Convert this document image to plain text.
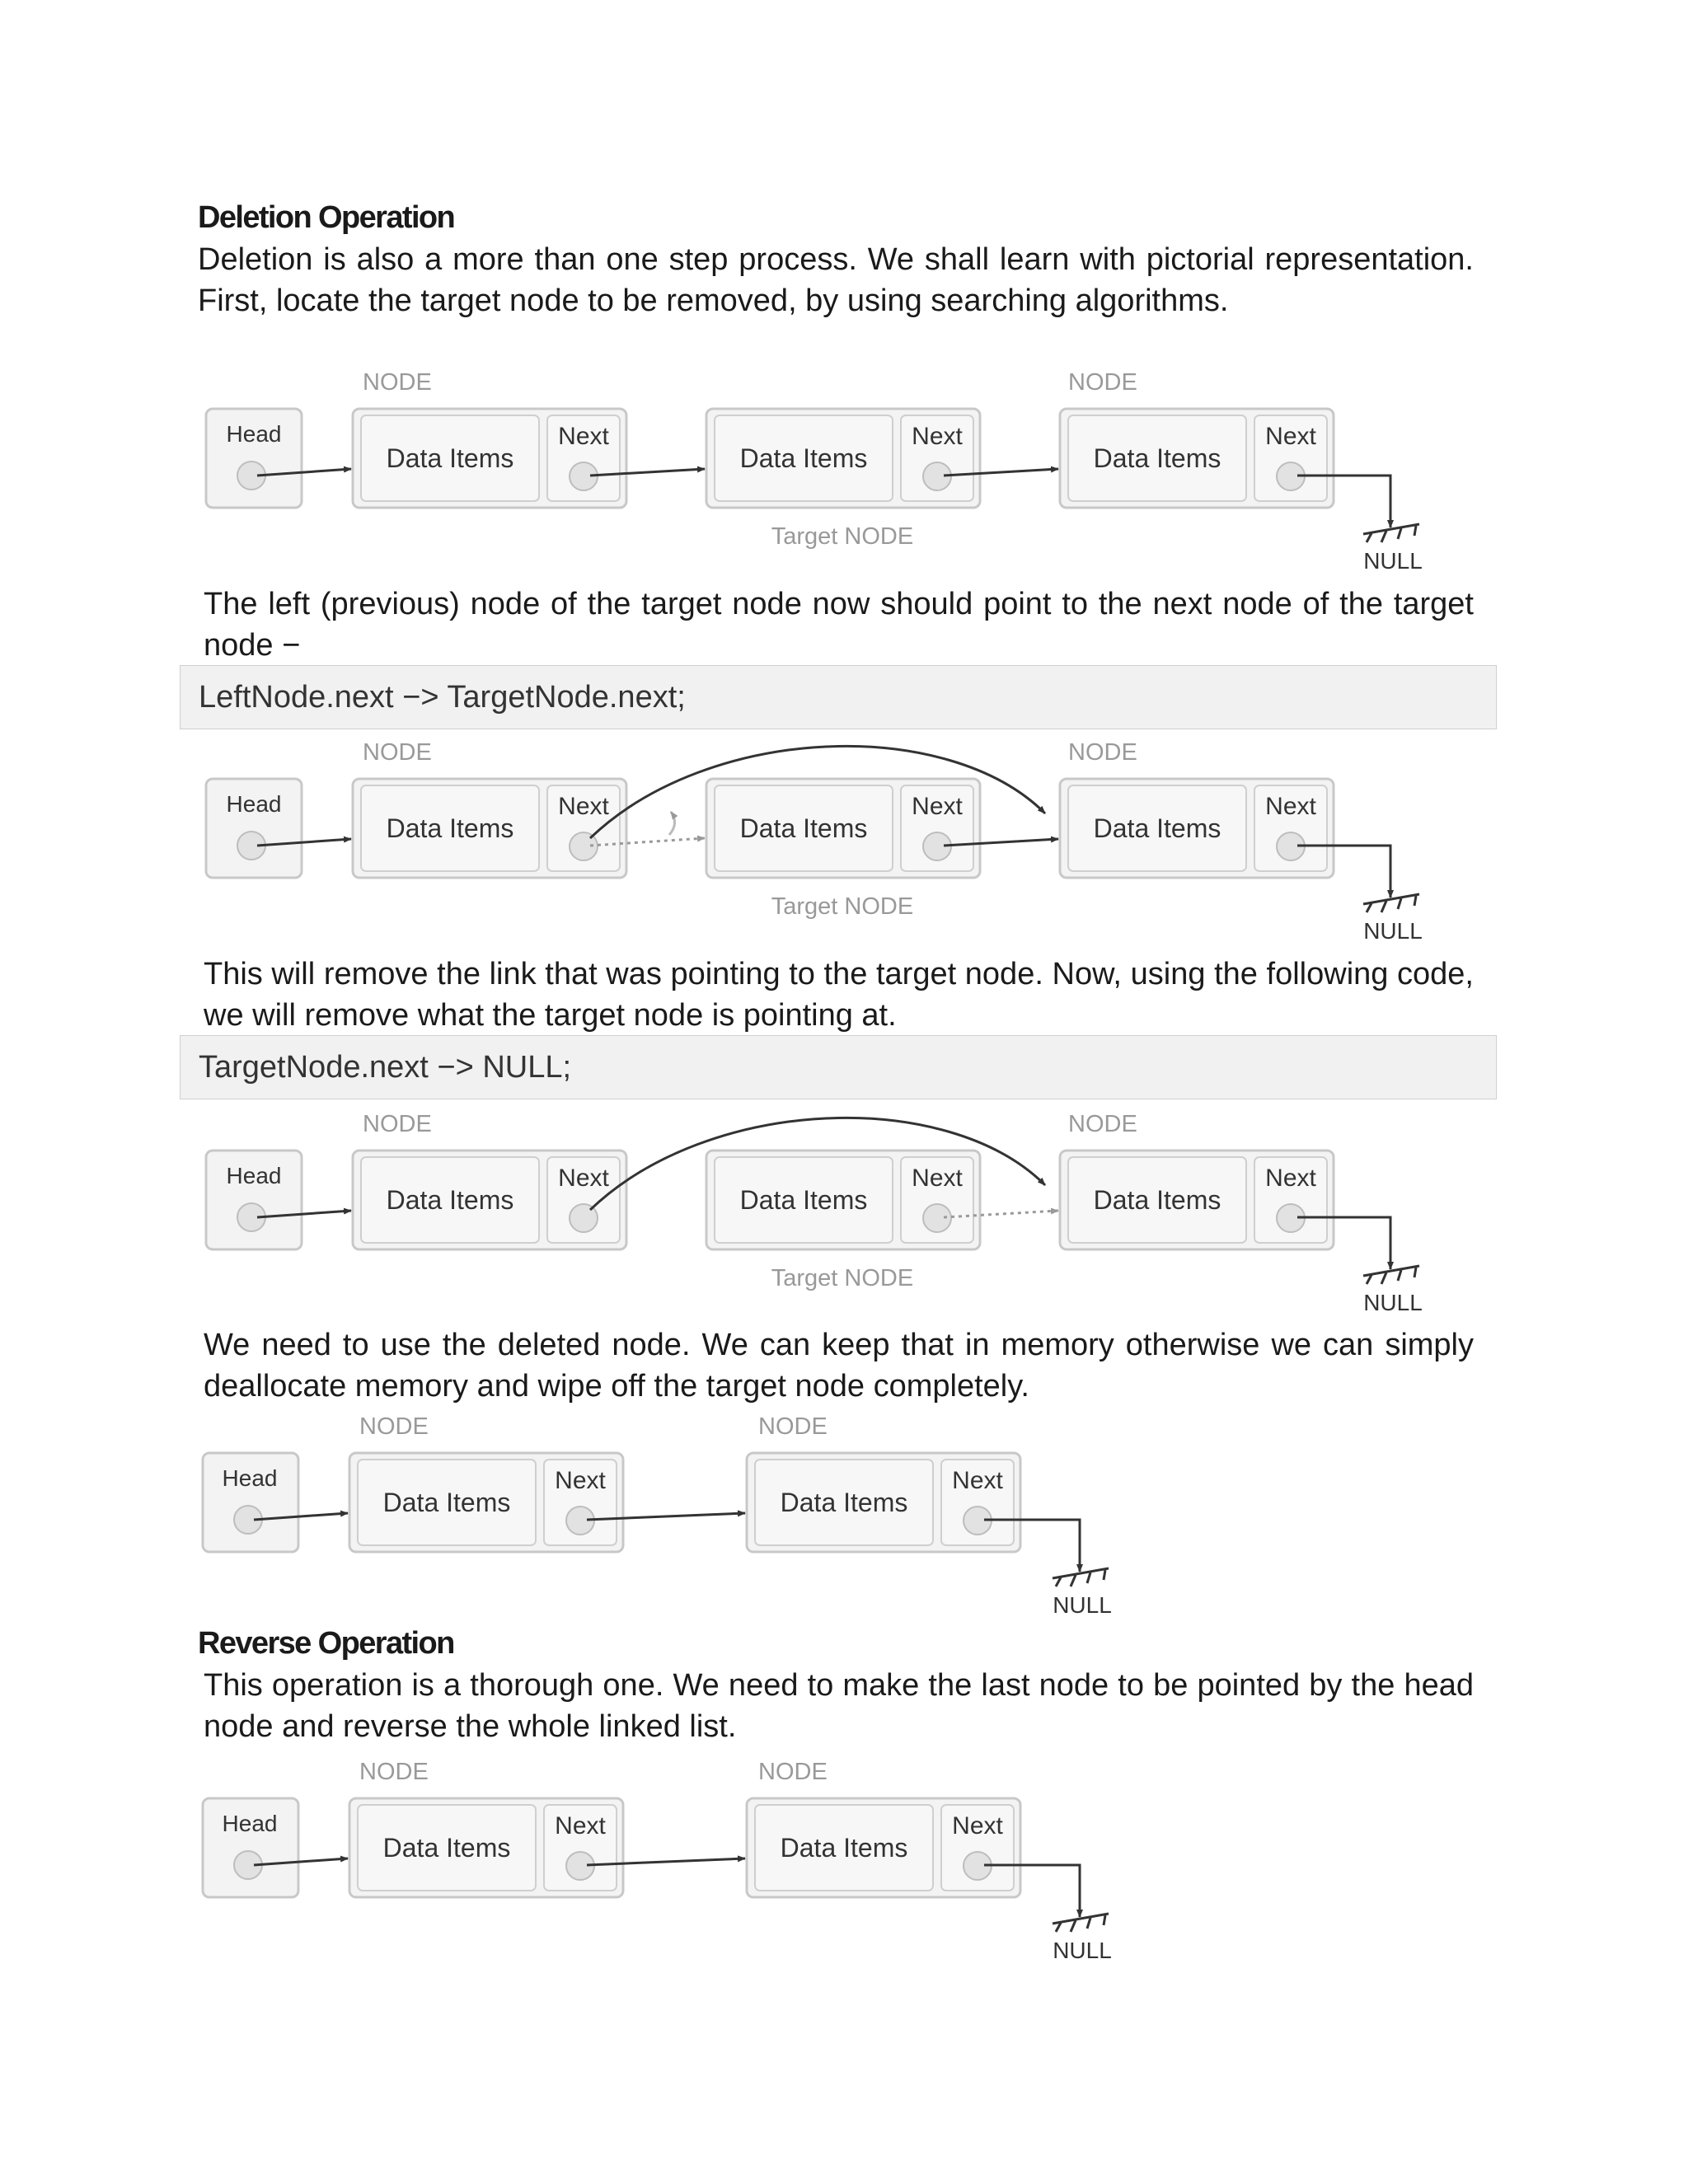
Deletion Operation
Deletion is also a more than one step process. We shall learn with pictorial representation. First, locate the target node to be removed, by using searching algorithms.
NODE	NODE
Head
Data Items
Next
Data Items
Next
Data Items
Next
NULL
Target NODE
The left (previous) node of the target node now should point to the next node of the target node −
LeftNode.next −> TargetNode.next;
NODE	NODE
Head
Data Items
Next
Data Items
Next
Data Items
Next
NULL
Target NODE
This will remove the link that was pointing to the target node. Now, using the following code, we will remove what the target node is pointing at.
TargetNode.next −> NULL;
NODE	NODE
Head
Data Items
Next
Data Items
Next
Data Items
Next
NULL
Target NODE
We need to use the deleted node. We can keep that in memory otherwise we can simply deallocate memory and wipe off the target node completely.
NODE	NODE
Head
Data Items
Next
Data Items
Next
NULL
Reverse Operation
This operation is a thorough one. We need to make the last node to be pointed by the head node and reverse the whole linked list.
NODE	NODE
Head
Data Items
Next
Data Items
Next
NULL
